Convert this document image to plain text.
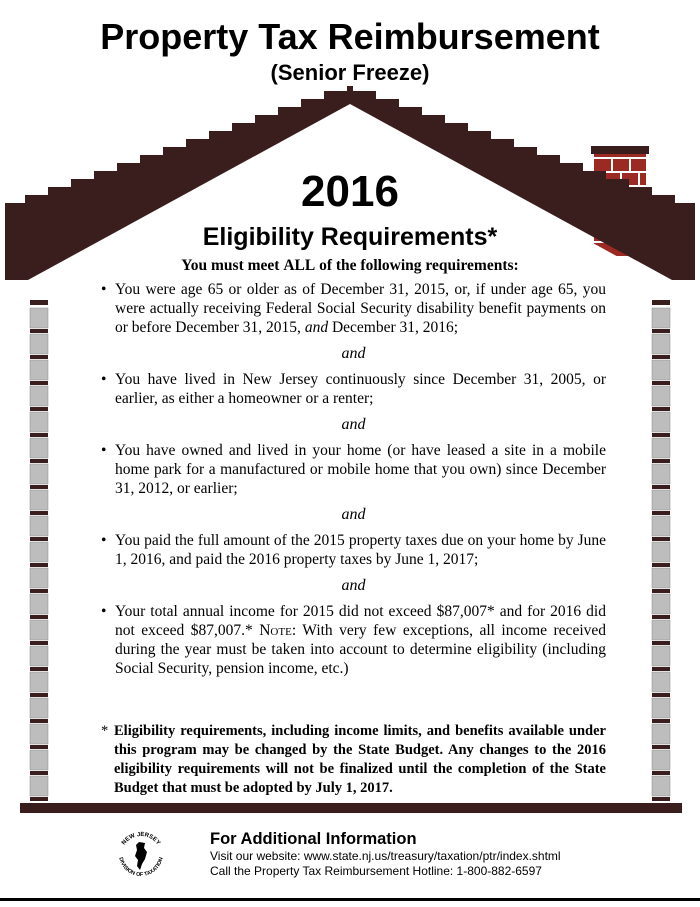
Property Tax Reimbursement
(Senior Freeze)
2016
Eligibility Requirements*
You must meet ALL of the following requirements:
• You were age 65 or older as of December 31, 2015, or, if under age 65, you were actually receiving Federal Social Security disability benefit payments on or before December 31, 2015, and December 31, 2016;
and
• You have lived in New Jersey continuously since December 31, 2005, or earlier, as either a homeowner or a renter;
and
• You have owned and lived in your home (or have leased a site in a mobile home park for a manufactured or mobile home that you own) since December 31, 2012, or earlier;
and
• You paid the full amount of the 2015 property taxes due on your home by June 1, 2016, and paid the 2016 property taxes by June 1, 2017;
and
• Your total annual income for 2015 did not exceed $87,007* and for 2016 did not exceed $87,007.* Note: With very few exceptions, all income received during the year must be taken into account to determine eligibility (including Social Security, pension income, etc.)
* Eligibility requirements, including income limits, and benefits available under this program may be changed by the State Budget. Any changes to the 2016 eligibility requirements will not be finalized until the completion of the State Budget that must be adopted by July 1, 2017.
NEW JERSEY
DIVISION OF TAXATION
For Additional Information
Visit our website: www.state.nj.us/treasury/taxation/ptr/index.shtml
Call the Property Tax Reimbursement Hotline: 1-800-882-6597
